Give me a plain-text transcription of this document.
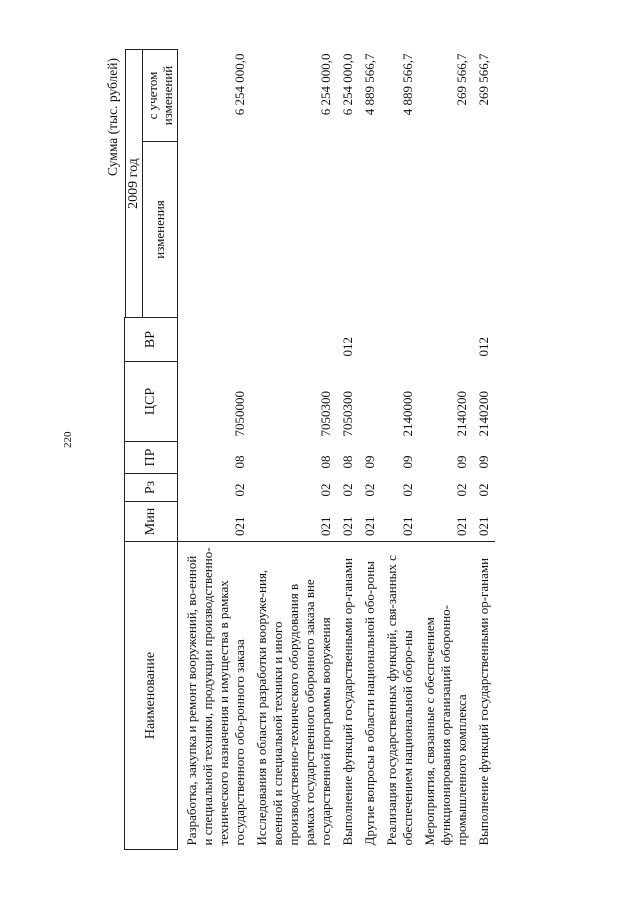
220
Сумма (тыс. рублей)
Наименование	Мин	Рз	ПР	ЦСР	ВР		
						2009 год	
						изменения	с учетом изменений
Разработка, закупка и ремонт вооружений, во-енной и специальной техники, продукции производственно-технического назначения и имущества в рамках государственного обо-ронного заказа	021	02	08	7050000			6 254 000,0
Исследования в области разработки вооруже-ния, военной и специальной техники и иного производственно-технического оборудования в рамках государственного оборонного заказа вне государственной программы вооружения	021	02	08	7050300			6 254 000,0
Выполнение функций государственными ор-ганами	021	02	08	7050300	012		6 254 000,0
Другие вопросы в области национальной обо-роны	021	02	09				4 889 566,7
Реализация государственных функций, свя-занных с обеспечением национальной оборо-ны	021	02	09	2140000			4 889 566,7
Мероприятия, связанные с обеспечением функционирования организаций оборонно-промышленного комплекса	021	02	09	2140200			269 566,7
Выполнение функций государственными ор-ганами	021	02	09	2140200	012		269 566,7
